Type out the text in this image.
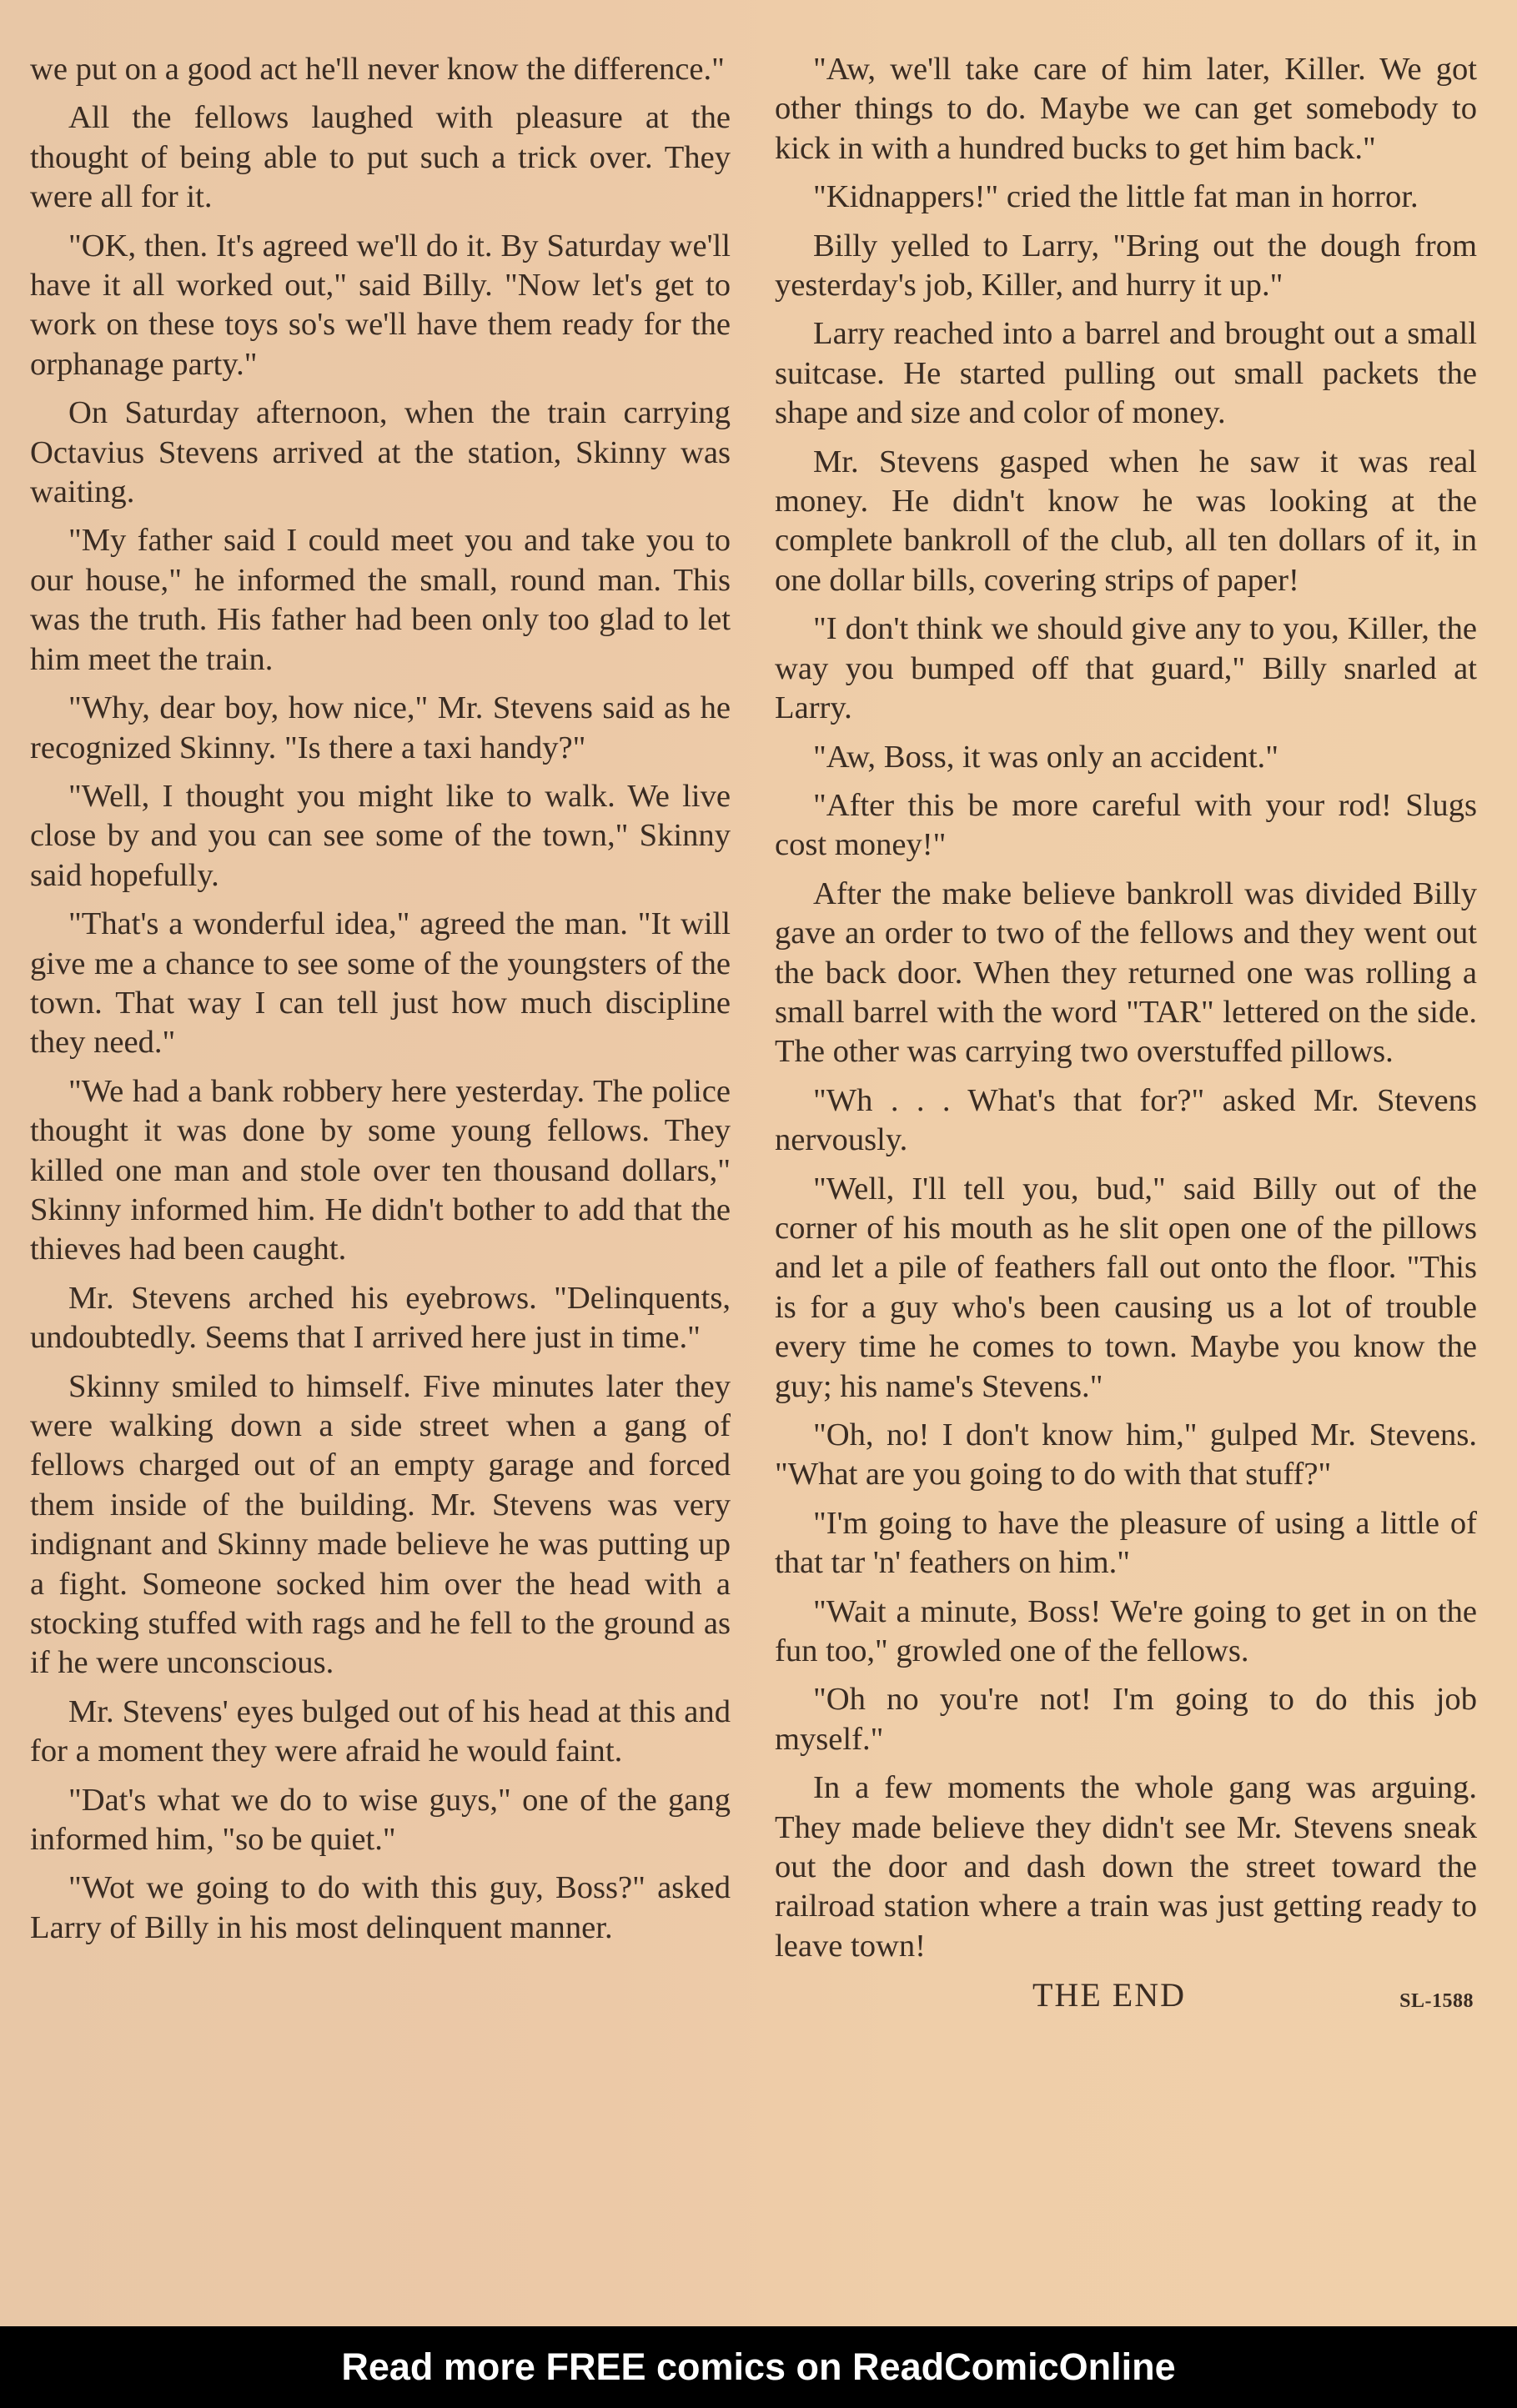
we put on a good act he'll never know the difference."

All the fellows laughed with pleasure at the thought of being able to put such a trick over. They were all for it.

"OK, then. It's agreed we'll do it. By Saturday we'll have it all worked out," said Billy. "Now let's get to work on these toys so's we'll have them ready for the orphanage party."

On Saturday afternoon, when the train carrying Octavius Stevens arrived at the station, Skinny was waiting.

"My father said I could meet you and take you to our house," he informed the small, round man. This was the truth. His father had been only too glad to let him meet the train.

"Why, dear boy, how nice," Mr. Stevens said as he recognized Skinny. "Is there a taxi handy?"

"Well, I thought you might like to walk. We live close by and you can see some of the town," Skinny said hopefully.

"That's a wonderful idea," agreed the man. "It will give me a chance to see some of the youngsters of the town. That way I can tell just how much discipline they need."

"We had a bank robbery here yesterday. The police thought it was done by some young fellows. They killed one man and stole over ten thousand dollars," Skinny informed him. He didn't bother to add that the thieves had been caught.

Mr. Stevens arched his eyebrows. "Delinquents, undoubtedly. Seems that I arrived here just in time."

Skinny smiled to himself. Five minutes later they were walking down a side street when a gang of fellows charged out of an empty garage and forced them inside of the building. Mr. Stevens was very indignant and Skinny made believe he was putting up a fight. Someone socked him over the head with a stocking stuffed with rags and he fell to the ground as if he were unconscious.

Mr. Stevens' eyes bulged out of his head at this and for a moment they were afraid he would faint.

"Dat's what we do to wise guys," one of the gang informed him, "so be quiet."

"Wot we going to do with this guy, Boss?" asked Larry of Billy in his most delinquent manner.

"Aw, we'll take care of him later, Killer. We got other things to do. Maybe we can get somebody to kick in with a hundred bucks to get him back."

"Kidnappers!" cried the little fat man in horror.

Billy yelled to Larry, "Bring out the dough from yesterday's job, Killer, and hurry it up."

Larry reached into a barrel and brought out a small suitcase. He started pulling out small packets the shape and size and color of money.

Mr. Stevens gasped when he saw it was real money. He didn't know he was looking at the complete bankroll of the club, all ten dollars of it, in one dollar bills, covering strips of paper!

"I don't think we should give any to you, Killer, the way you bumped off that guard," Billy snarled at Larry.

"Aw, Boss, it was only an accident."

"After this be more careful with your rod! Slugs cost money!"

After the make believe bankroll was divided Billy gave an order to two of the fellows and they went out the back door. When they returned one was rolling a small barrel with the word "TAR" lettered on the side. The other was carrying two overstuffed pillows.

"Wh . . . What's that for?" asked Mr. Stevens nervously.

"Well, I'll tell you, bud," said Billy out of the corner of his mouth as he slit open one of the pillows and let a pile of feathers fall out onto the floor. "This is for a guy who's been causing us a lot of trouble every time he comes to town. Maybe you know the guy; his name's Stevens."

"Oh, no! I don't know him," gulped Mr. Stevens. "What are you going to do with that stuff?"

"I'm going to have the pleasure of using a little of that tar 'n' feathers on him."

"Wait a minute, Boss! We're going to get in on the fun too," growled one of the fellows.

"Oh no you're not! I'm going to do this job myself."

In a few moments the whole gang was arguing. They made believe they didn't see Mr. Stevens sneak out the door and dash down the street toward the railroad station where a train was just getting ready to leave town!

THE END	SL-1588
Read more FREE comics on ReadComicOnline
